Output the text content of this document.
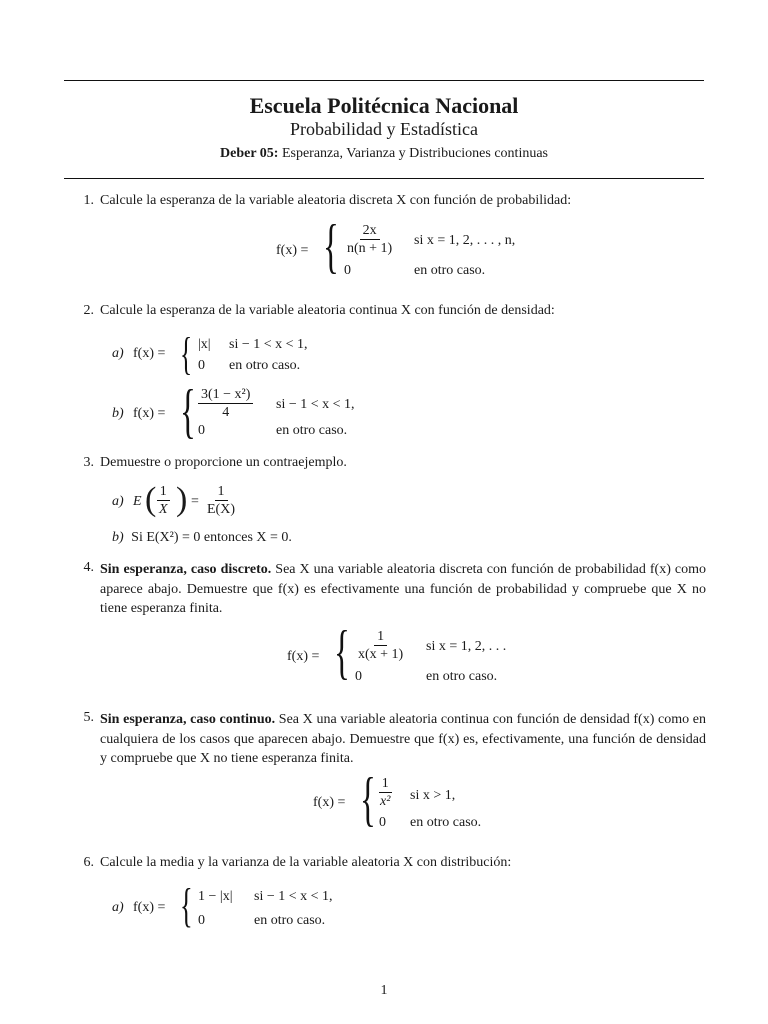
Escuela Politécnica Nacional
Probabilidad y Estadística
Deber 05: Esperanza, Varianza y Distribuciones continuas
1. Calcule la esperanza de la variable aleatoria discreta X con función de probabilidad:
f(x) = { $\frac{2x}{n(n + 1)}$ si x = 1, 2, . . . , n,
0	en otro caso.
2. Calcule la esperanza de la variable aleatoria continua X con función de densidad:
a) f(x) = { |x| si − 1 < x < 1,
0 en otro caso.
b) f(x) = { $\frac{\text{3(1 − x²)}}{4}$ si − 1 < x < 1,
0	en otro caso.
3. Demuestre o proporcione un contraejemplo.
a) E ( $\frac{1}{X}$ ) = $\frac{1}{E(X)}$
b) Si E(X²) = 0 entonces X = 0.
4. Sin esperanza, caso discreto. Sea X una variable aleatoria discreta con función de probabilidad f(x) como aparece abajo. Demuestre que f(x) es efectivamente una función de probabilidad y compruebe que X no tiene esperanza finita.
f(x) = { $\frac{1}{x(x + 1)}$ si x = 1, 2, . . .
0	en otro caso.
5. Sin esperanza, caso continuo. Sea X una variable aleatoria continua con función de densidad f(x) como en cualquiera de los casos que aparecen abajo. Demuestre que f(x) es, efectivamente, una función de densidad y compruebe que X no tiene esperanza finita.
f(x) = { $\frac{1}{\text{x²}}$ si x > 1,
0 en otro caso.
6. Calcule la media y la varianza de la variable aleatoria X con distribución:
a) f(x) = { 1 − |x| si − 1 < x < 1,
0	en otro caso.
1
